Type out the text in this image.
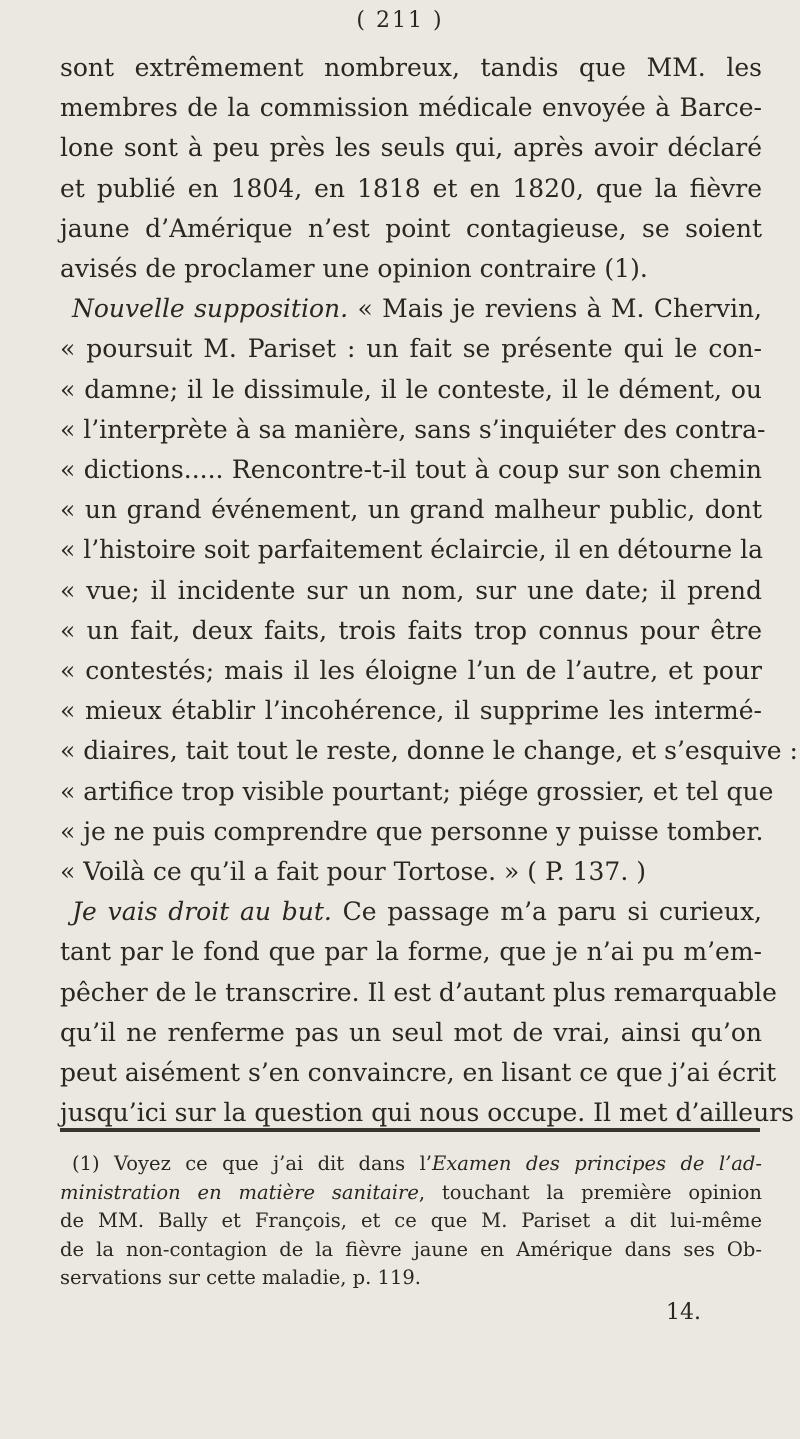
( 211 )
sont extrêmement nombreux, tandis que MM. les
membres de la commission médicale envoyée à Barce-
lone sont à peu près les seuls qui, après avoir déclaré
et publié en 1804, en 1818 et en 1820, que la fièvre
jaune d’Amérique n’est point contagieuse, se soient
avisés de proclamer une opinion contraire (1).
Nouvelle supposition. « Mais je reviens à M. Chervin,
« poursuit M. Pariset : un fait se présente qui le con-
« damne; il le dissimule, il le conteste, il le dément, ou
« l’interprète à sa manière, sans s’inquiéter des contra-
« dictions..... Rencontre-t-il tout à coup sur son chemin
« un grand événement, un grand malheur public, dont
« l’histoire soit parfaitement éclaircie, il en détourne la
« vue; il incidente sur un nom, sur une date; il prend
« un fait, deux faits, trois faits trop connus pour être
« contestés; mais il les éloigne l’un de l’autre, et pour
« mieux établir l’incohérence, il supprime les intermé-
« diaires, tait tout le reste, donne le change, et s’esquive :
« artifice trop visible pourtant; piége grossier, et tel que
« je ne puis comprendre que personne y puisse tomber.
« Voilà ce qu’il a fait pour Tortose. » ( P. 137. )
Je vais droit au but. Ce passage m’a paru si curieux,
tant par le fond que par la forme, que je n’ai pu m’em-
pêcher de le transcrire. Il est d’autant plus remarquable
qu’il ne renferme pas un seul mot de vrai, ainsi qu’on
peut aisément s’en convaincre, en lisant ce que j’ai écrit
jusqu’ici sur la question qui nous occupe. Il met d’ailleurs
(1) Voyez ce que j’ai dit dans l’Examen des principes de l’ad-
ministration en matière sanitaire, touchant la première opinion
de MM. Bally et François, et ce que M. Pariset a dit lui-même
de la non-contagion de la fièvre jaune en Amérique dans ses Ob-
servations sur cette maladie, p. 119.
14.
